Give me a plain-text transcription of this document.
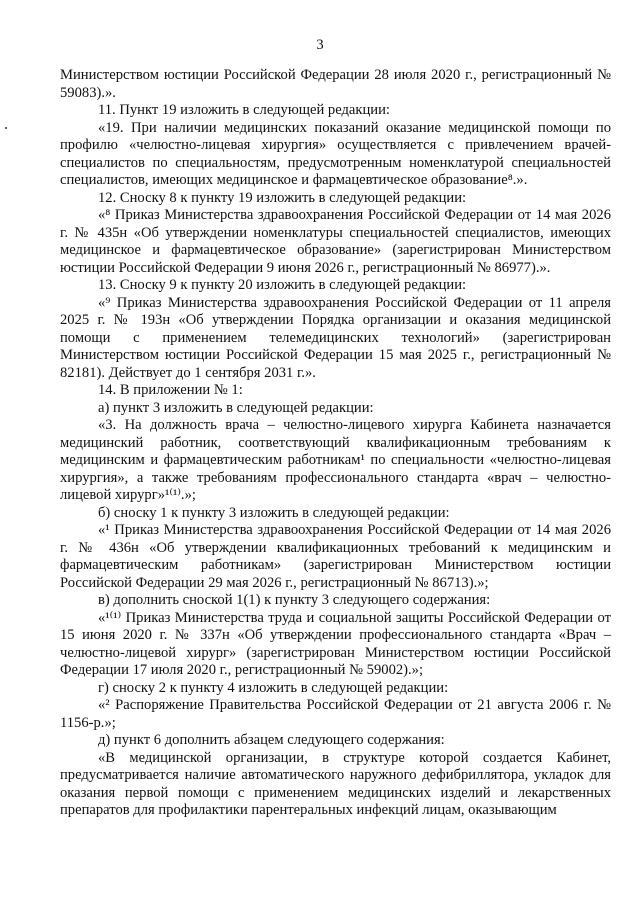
3

Министерством юстиции Российской Федерации 28 июля 2020 г., регистрационный № 59083).».

11. Пункт 19 изложить в следующей редакции:

«19. При наличии медицинских показаний оказание медицинской помощи по профилю «челюстно-лицевая хирургия» осуществляется с привлечением врачей-специалистов по специальностям, предусмотренным номенклатурой специальностей специалистов, имеющих медицинское и фармацевтическое образование⁸.».

12. Сноску 8 к пункту 19 изложить в следующей редакции:

«⁸ Приказ Министерства здравоохранения Российской Федерации от 14 мая 2026 г. № 435н «Об утверждении номенклатуры специальностей специалистов, имеющих медицинское и фармацевтическое образование» (зарегистрирован Министерством юстиции Российской Федерации 9 июня 2026 г., регистрационный № 86977).».

13. Сноску 9 к пункту 20 изложить в следующей редакции:

«⁹ Приказ Министерства здравоохранения Российской Федерации от 11 апреля 2025 г. № 193н «Об утверждении Порядка организации и оказания медицинской помощи с применением телемедицинских технологий» (зарегистрирован Министерством юстиции Российской Федерации 15 мая 2025 г., регистрационный № 82181). Действует до 1 сентября 2031 г.».

14. В приложении № 1:

а) пункт 3 изложить в следующей редакции:

«3. На должность врача – челюстно-лицевого хирурга Кабинета назначается медицинский работник, соответствующий квалификационным требованиям к медицинским и фармацевтическим работникам¹ по специальности «челюстно-лицевая хирургия», а также требованиям профессионального стандарта «врач – челюстно-лицевой хирург»¹⁽¹⁾.»;

б) сноску 1 к пункту 3 изложить в следующей редакции:

«¹ Приказ Министерства здравоохранения Российской Федерации от 14 мая 2026 г. № 436н «Об утверждении квалификационных требований к медицинским и фармацевтическим работникам» (зарегистрирован Министерством юстиции Российской Федерации 29 мая 2026 г., регистрационный № 86713).»;

в) дополнить сноской 1(1) к пункту 3 следующего содержания:

«¹⁽¹⁾ Приказ Министерства труда и социальной защиты Российской Федерации от 15 июня 2020 г. № 337н «Об утверждении профессионального стандарта «Врач – челюстно-лицевой хирург» (зарегистрирован Министерством юстиции Российской Федерации 17 июля 2020 г., регистрационный № 59002).»;

г) сноску 2 к пункту 4 изложить в следующей редакции:

«² Распоряжение Правительства Российской Федерации от 21 августа 2006 г. № 1156-р.»;

д) пункт 6 дополнить абзацем следующего содержания:

«В медицинской организации, в структуре которой создается Кабинет, предусматривается наличие автоматического наружного дефибриллятора, укладок для оказания первой помощи с применением медицинских изделий и лекарственных препаратов для профилактики парентеральных инфекций лицам, оказывающим
